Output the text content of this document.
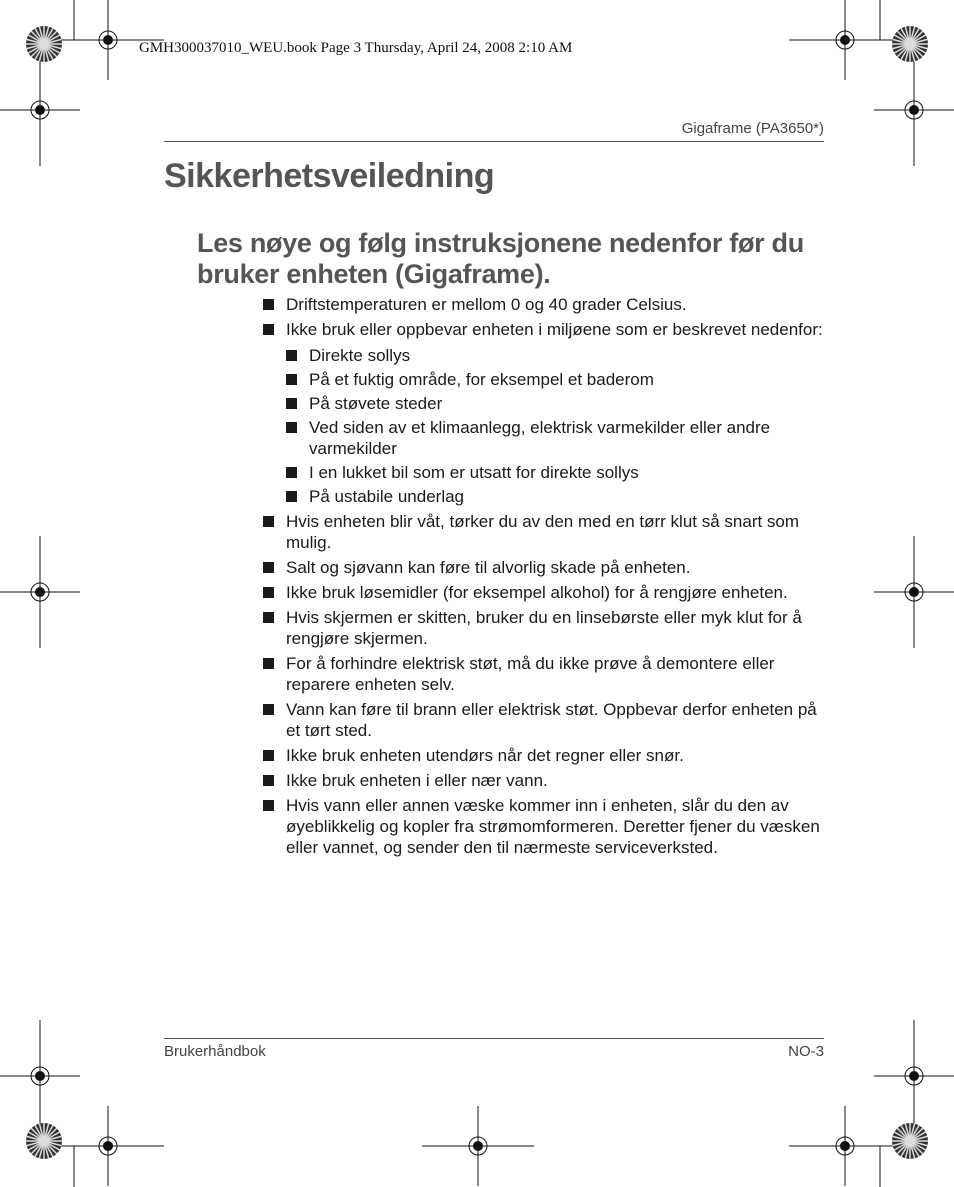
GMH300037010_WEU.book Page 3 Thursday, April 24, 2008 2:10 AM
Gigaframe (PA3650*)
Sikkerhetsveiledning
Les nøye og følg instruksjonene nedenfor før du bruker enheten (Gigaframe).
Driftstemperaturen er mellom 0 og 40 grader Celsius.
Ikke bruk eller oppbevar enheten i miljøene som er beskrevet nedenfor:
Direkte sollys
På et fuktig område, for eksempel et baderom
På støvete steder
Ved siden av et klimaanlegg, elektrisk varmekilder eller andre varmekilder
I en lukket bil som er utsatt for direkte sollys
På ustabile underlag
Hvis enheten blir våt, tørker du av den med en tørr klut så snart som mulig.
Salt og sjøvann kan føre til alvorlig skade på enheten.
Ikke bruk løsemidler (for eksempel alkohol) for å rengjøre enheten.
Hvis skjermen er skitten, bruker du en linsebørste eller myk klut for å rengjøre skjermen.
For å forhindre elektrisk støt, må du ikke prøve å demontere eller reparere enheten selv.
Vann kan føre til brann eller elektrisk støt. Oppbevar derfor enheten på et tørt sted.
Ikke bruk enheten utendørs når det regner eller snør.
Ikke bruk enheten i eller nær vann.
Hvis vann eller annen væske kommer inn i enheten, slår du den av øyeblikkelig og kopler fra strømomformeren. Deretter fjener du væsken eller vannet, og sender den til nærmeste serviceverksted.
Brukerhåndbok	NO-3
